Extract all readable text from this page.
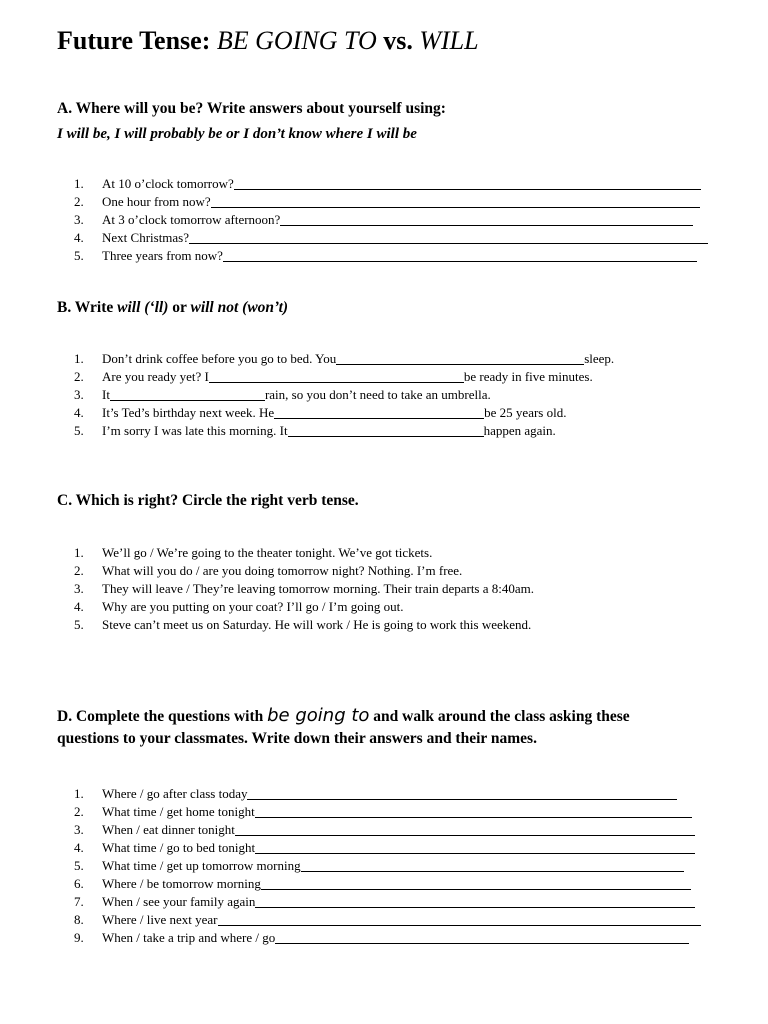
Future Tense: BE GOING TO vs. WILL
A. Where will you be? Write answers about yourself using:
I will be, I will probably be or I don’t know where I will be
1.	At 10 o’clock tomorrow?
2.	One hour from now?
3.	At 3 o’clock tomorrow afternoon?
4.	Next Christmas?
5.	Three years from now?
B. Write will (‘ll) or will not (won’t)
1.	Don’t drink coffee before you go to bed. You	sleep.
2.	Are you ready yet? I	be ready in five minutes.
3.	It	rain, so you don’t need to take an umbrella.
4.	It’s Ted’s birthday next week. He	be 25 years old.
5.	I’m sorry I was late this morning. It	happen again.
C. Which is right? Circle the right verb tense.
1.	We’ll go / We’re going to the theater tonight. We’ve got tickets.
2.	What will you do / are you doing tomorrow night? Nothing. I’m free.
3.	They will leave / They’re leaving tomorrow morning. Their train departs a 8:40am.
4.	Why are you putting on your coat? I’ll go / I’m going out.
5.	Steve can’t meet us on Saturday. He will work / He is going to work this weekend.
D. Complete the questions with be going to and walk around the class asking these
questions to your classmates. Write down their answers and their names.
1.	Where / go after class today
2.	What time / get home tonight
3.	When / eat dinner tonight
4.	What time / go to bed tonight
5.	What time / get up tomorrow morning
6.	Where / be tomorrow morning
7.	When / see your family again
8.	Where / live next year
9.	When / take a trip and where / go
